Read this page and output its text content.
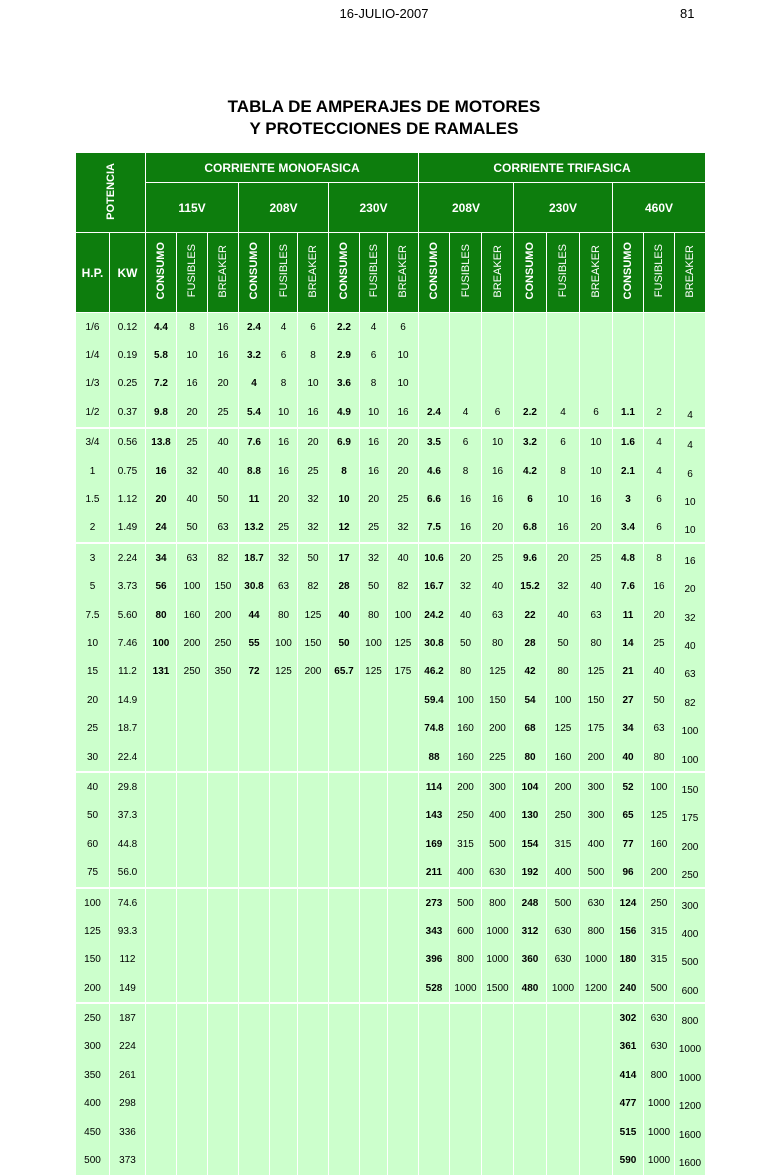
16-JULIO-2007	81
TABLA DE AMPERAJES DE MOTORES
Y PROTECCIONES DE RAMALES
POTENCIA		CORRIENTE MONOFASICA									CORRIENTE TRIFASICA								
		115V			208V			230V			208V			230V			460V		
H.P.	KW	CONSUMO	FUSIBLES	BREAKER	CONSUMO	FUSIBLES	BREAKER	CONSUMO	FUSIBLES	BREAKER	CONSUMO	FUSIBLES	BREAKER	CONSUMO	FUSIBLES	BREAKER	CONSUMO	FUSIBLES	BREAKER
1/6	0.12	4.4	8	16	2.4	4	6	2.2	4	6									
1/4	0.19	5.8	10	16	3.2	6	8	2.9	6	10									
1/3	0.25	7.2	16	20	4	8	10	3.6	8	10									
1/2	0.37	9.8	20	25	5.4	10	16	4.9	10	16	2.4	4	6	2.2	4	6	1.1	2	4
3/4	0.56	13.8	25	40	7.6	16	20	6.9	16	20	3.5	6	10	3.2	6	10	1.6	4	4
1	0.75	16	32	40	8.8	16	25	8	16	20	4.6	8	16	4.2	8	10	2.1	4	6
1.5	1.12	20	40	50	11	20	32	10	20	25	6.6	16	16	6	10	16	3	6	10
2	1.49	24	50	63	13.2	25	32	12	25	32	7.5	16	20	6.8	16	20	3.4	6	10
3	2.24	34	63	82	18.7	32	50	17	32	40	10.6	20	25	9.6	20	25	4.8	8	16
5	3.73	56	100	150	30.8	63	82	28	50	82	16.7	32	40	15.2	32	40	7.6	16	20
7.5	5.60	80	160	200	44	80	125	40	80	100	24.2	40	63	22	40	63	11	20	32
10	7.46	100	200	250	55	100	150	50	100	125	30.8	50	80	28	50	80	14	25	40
15	11.2	131	250	350	72	125	200	65.7	125	175	46.2	80	125	42	80	125	21	40	63
20	14.9										59.4	100	150	54	100	150	27	50	82
25	18.7										74.8	160	200	68	125	175	34	63	100
30	22.4										88	160	225	80	160	200	40	80	100
40	29.8										114	200	300	104	200	300	52	100	150
50	37.3										143	250	400	130	250	300	65	125	175
60	44.8										169	315	500	154	315	400	77	160	200
75	56.0										211	400	630	192	400	500	96	200	250
100	74.6										273	500	800	248	500	630	124	250	300
125	93.3										343	600	1000	312	630	800	156	315	400
150	112										396	800	1000	360	630	1000	180	315	500
200	149										528	1000	1500	480	1000	1200	240	500	600
250	187																302	630	800
300	224																361	630	1000
350	261																414	800	1000
400	298																477	1000	1200
450	336																515	1000	1600
500	373																590	1000	1600
